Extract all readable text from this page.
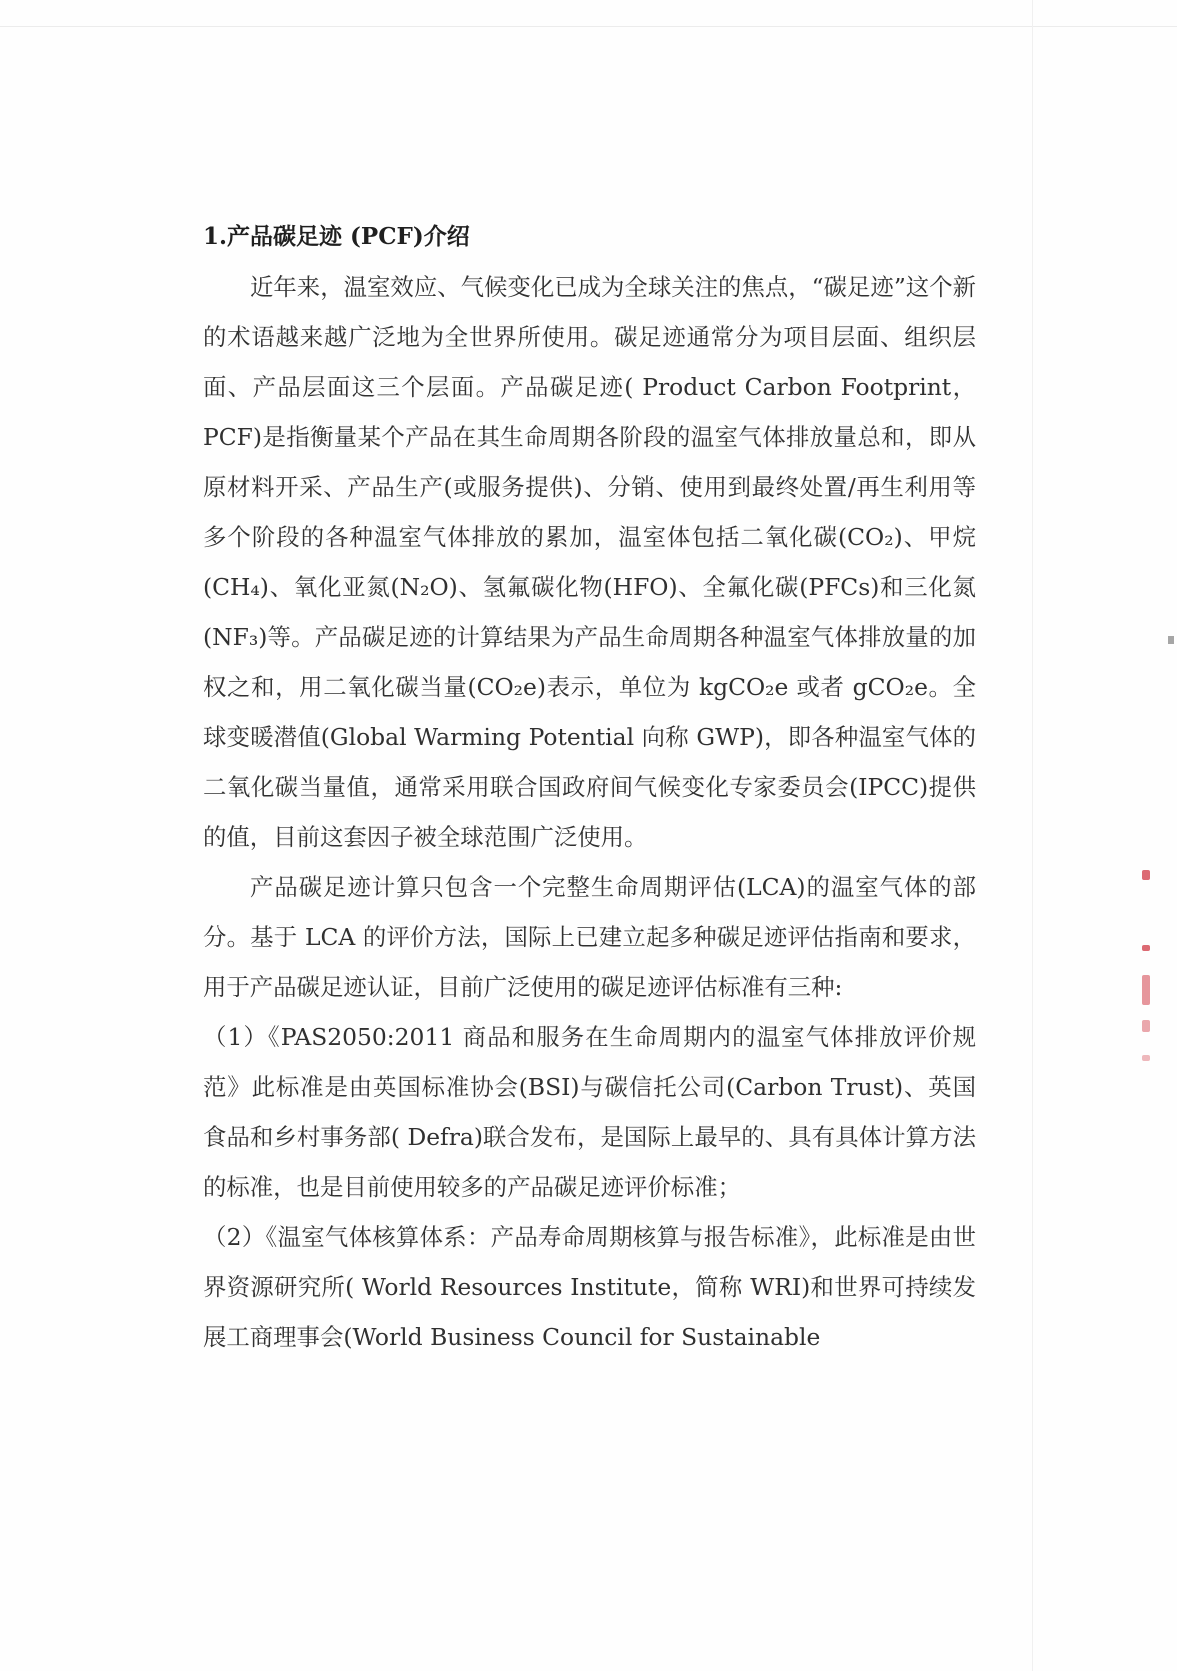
1.产品碳足迹 (PCF)介绍

近年来，温室效应、气候变化已成为全球关注的焦点，“碳足迹”这个新的术语越来越广泛地为全世界所使用。碳足迹通常分为项目层面、组织层面、产品层面这三个层面。产品碳足迹( Product Carbon Footprint，PCF)是指衡量某个产品在其生命周期各阶段的温室气体排放量总和，即从原材料开采、产品生产(或服务提供)、分销、使用到最终处置/再生利用等多个阶段的各种温室气体排放的累加，温室体包括二氧化碳(CO₂)、甲烷(CH₄)、氧化亚氮(N₂O)、氢氟碳化物(HFO)、全氟化碳(PFCs)和三化氮(NF₃)等。产品碳足迹的计算结果为产品生命周期各种温室气体排放量的加权之和，用二氧化碳当量(CO₂e)表示，单位为 kgCO₂e 或者 gCO₂e。全球变暖潜值(Global Warming Potential 向称 GWP)，即各种温室气体的二氧化碳当量值，通常采用联合国政府间气候变化专家委员会(IPCC)提供的值，目前这套因子被全球范围广泛使用。

产品碳足迹计算只包含一个完整生命周期评估(LCA)的温室气体的部分。基于 LCA 的评价方法，国际上已建立起多种碳足迹评估指南和要求，用于产品碳足迹认证，目前广泛使用的碳足迹评估标准有三种:

（1）《PAS2050:2011 商品和服务在生命周期内的温室气体排放评价规范》此标准是由英国标准协会(BSI)与碳信托公司(Carbon Trust)、英国食品和乡村事务部( Defra)联合发布，是国际上最早的、具有具体计算方法的标准，也是目前使用较多的产品碳足迹评价标准；

（2）《温室气体核算体系：产品寿命周期核算与报告标准》，此标准是由世界资源研究所( World Resources Institute，简称 WRI)和世界可持续发展工商理事会(World Business Council for Sustainable
